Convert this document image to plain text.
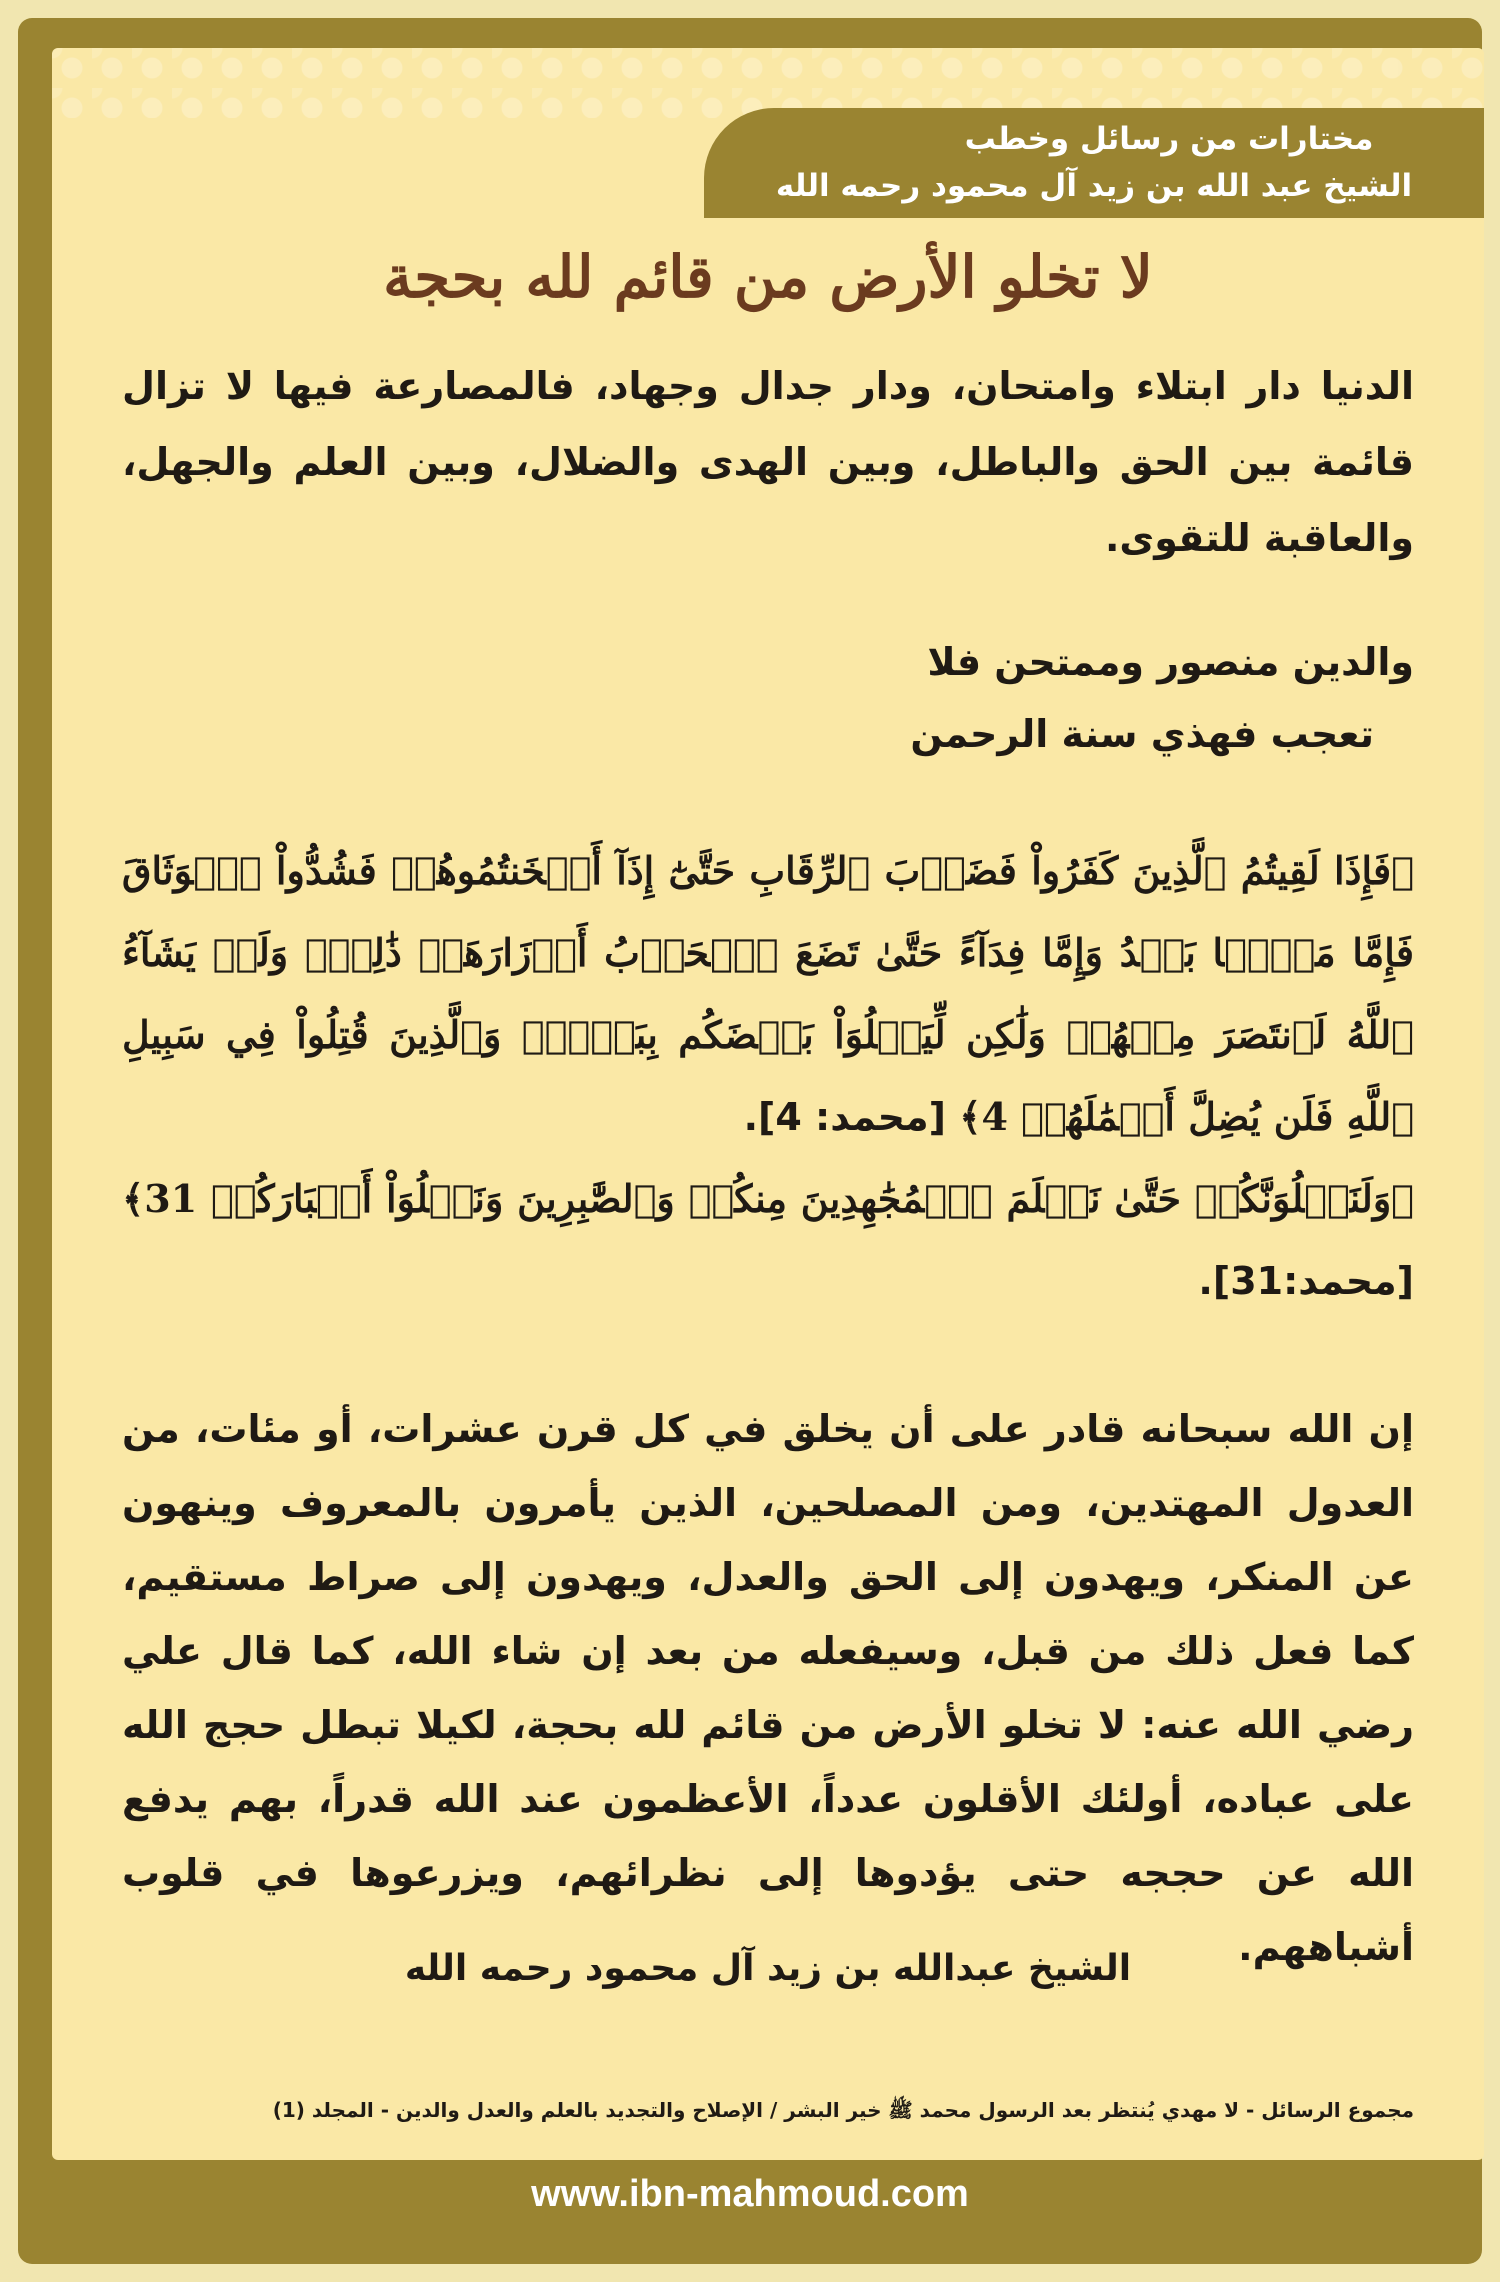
مختارات من رسائل وخطب
الشيخ عبد الله بن زيد آل محمود رحمه الله
لا تخلو الأرض من قائم لله بحجة

الدنيا دار ابتلاء وامتحان، ودار جدال وجهاد، فالمصارعة فيها لا تزال قائمة بين الحق والباطل، وبين الهدى والضلال، وبين العلم والجهل، والعاقبة للتقوى.

والدين منصور وممتحن فلا
تعجب فهذي سنة الرحمن
﴿فَإِذَا لَقِيتُمُ ٱلَّذِينَ كَفَرُواْ فَضَرۡبَ ٱلرِّقَابِ حَتَّىٰٓ إِذَآ أَثۡخَنتُمُوهُمۡ فَشُدُّواْ ٱلۡوَثَاقَ فَإِمَّا مَنَّۢا بَعۡدُ وَإِمَّا فِدَآءً حَتَّىٰ تَضَعَ ٱلۡحَرۡبُ أَوۡزَارَهَاۚ ذَٰلِكَۖ وَلَوۡ يَشَآءُ ٱللَّهُ لَٱنتَصَرَ مِنۡهُمۡ وَلَٰكِن لِّيَبۡلُوَاْ بَعۡضَكُم بِبَعۡضٖۗ وَٱلَّذِينَ قُتِلُواْ فِي سَبِيلِ ٱللَّهِ فَلَن يُضِلَّ أَعۡمَٰلَهُمۡ 4﴾ [محمد: 4].
﴿وَلَنَبۡلُوَنَّكُمۡ حَتَّىٰ نَعۡلَمَ ٱلۡمُجَٰهِدِينَ مِنكُمۡ وَٱلصَّٰبِرِينَ وَنَبۡلُوَاْ أَخۡبَارَكُمۡ 31﴾ [محمد:31].

إن الله سبحانه قادر على أن يخلق في كل قرن عشرات، أو مئات، من العدول المهتدين، ومن المصلحين، الذين يأمرون بالمعروف وينهون عن المنكر، ويهدون إلى الحق والعدل، ويهدون إلى صراط مستقيم، كما فعل ذلك من قبل، وسيفعله من بعد إن شاء الله، كما قال علي رضي الله عنه: لا تخلو الأرض من قائم لله بحجة، لكيلا تبطل حجج الله على عباده، أولئك الأقلون عدداً، الأعظمون عند الله قدراً، بهم يدفع الله عن حججه حتى يؤدوها إلى نظرائهم، ويزرعوها في قلوب أشباههم.

الشيخ عبدالله بن زيد آل محمود رحمه الله
مجموع الرسائل - لا مهدي يُنتظر بعد الرسول محمد ﷺ خير البشر / الإصلاح والتجديد بالعلم والعدل والدين - المجلد (1)
www.ibn-mahmoud.com
